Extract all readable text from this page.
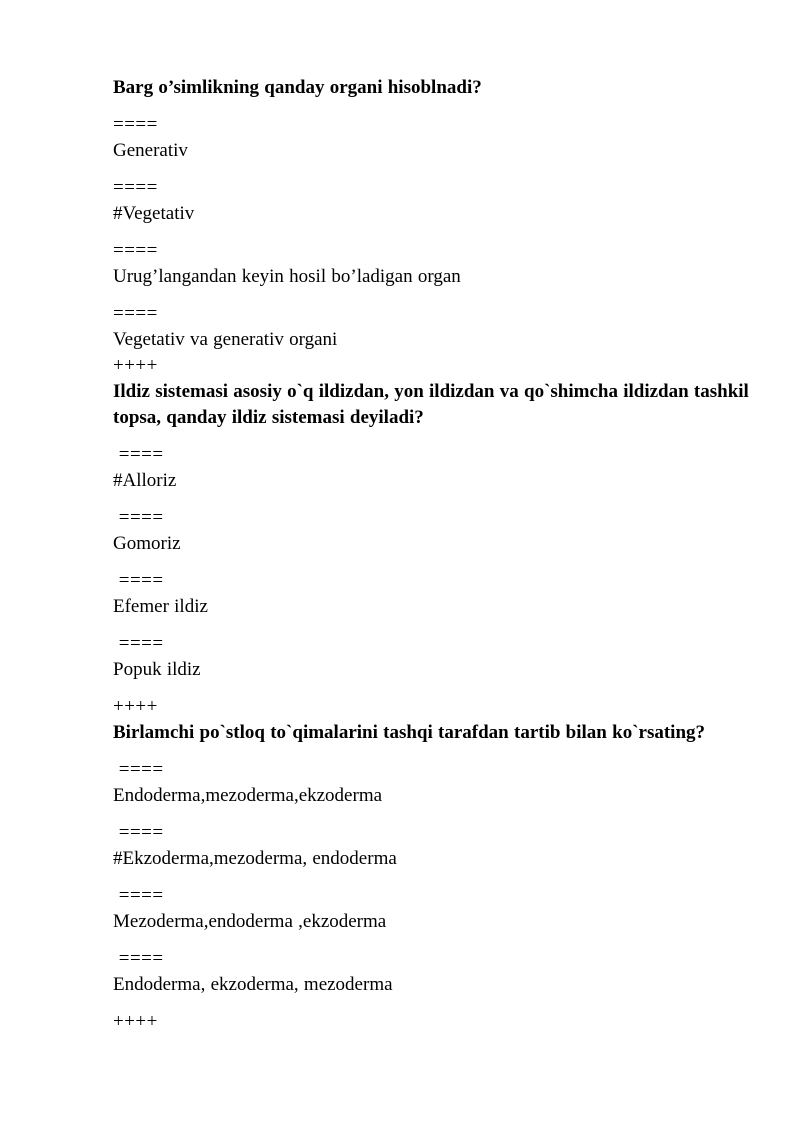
Barg o’simlikning qanday organi hisoblnadi?
====
Generativ
====
#Vegetativ
====
Urug’langandan keyin hosil bo’ladigan organ
====
Vegetativ va generativ organi
++++
Ildiz sistemasi asosiy o`q ildizdan, yon ildizdan va qo`shimcha ildizdan tashkil topsa, qanday ildiz sistemasi deyiladi?
====
#Alloriz
====
Gomoriz
====
Efemer ildiz
====
Popuk ildiz
++++
Birlamchi po`stloq to`qimalarini tashqi tarafdan tartib bilan ko`rsating?
====
Endoderma,mezoderma,ekzoderma
====
#Ekzoderma,mezoderma, endoderma
====
Mezoderma,endoderma ,ekzoderma
====
Endoderma, ekzoderma, mezoderma
++++
